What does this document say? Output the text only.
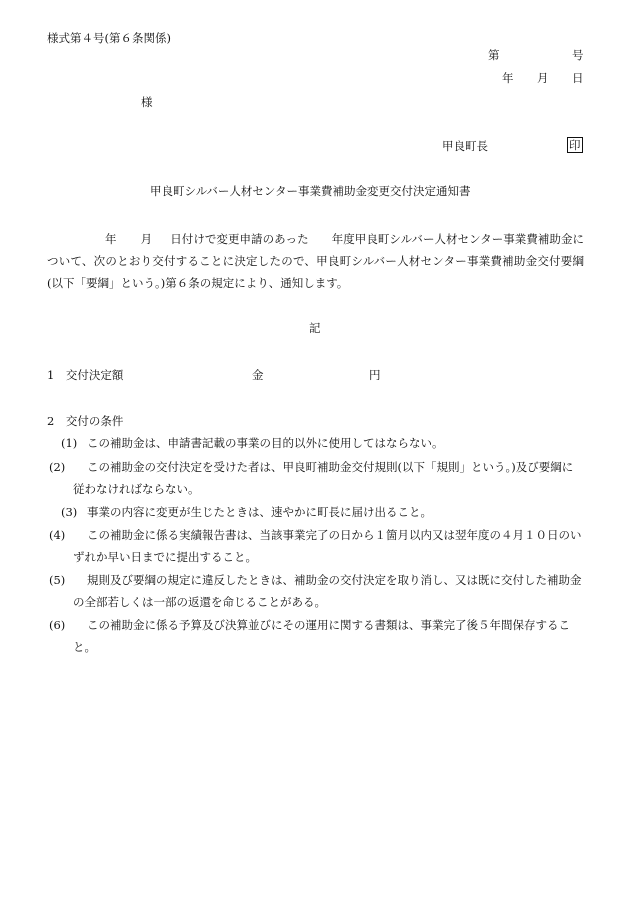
様式第４号(第６条関係)
第	号
年 月 日
様
甲良町長	印
甲良町シルバー人材センター事業費補助金変更交付決定通知書
年 月 日付けで変更申請のあった　　年度甲良町シルバー人材センター事業費補助金について、次のとおり交付することに決定したので、甲良町シルバー人材センター事業費補助金交付要綱(以下「要綱」という。)第６条の規定により、通知します。
記
1　交付決定額	金	円
2　交付の条件
(1) この補助金は、申請書記載の事業の目的以外に使用してはならない。
(2) この補助金の交付決定を受けた者は、甲良町補助金交付規則(以下「規則」という。)及び要綱に従わなければならない。
(3) 事業の内容に変更が生じたときは、速やかに町長に届け出ること。
(4) この補助金に係る実績報告書は、当該事業完了の日から１箇月以内又は翌年度の４月１０日のいずれか早い日までに提出すること。
(5) 規則及び要綱の規定に違反したときは、補助金の交付決定を取り消し、又は既に交付した補助金の全部若しくは一部の返還を命じることがある。
(6) この補助金に係る予算及び決算並びにその運用に関する書類は、事業完了後５年間保存すること。
